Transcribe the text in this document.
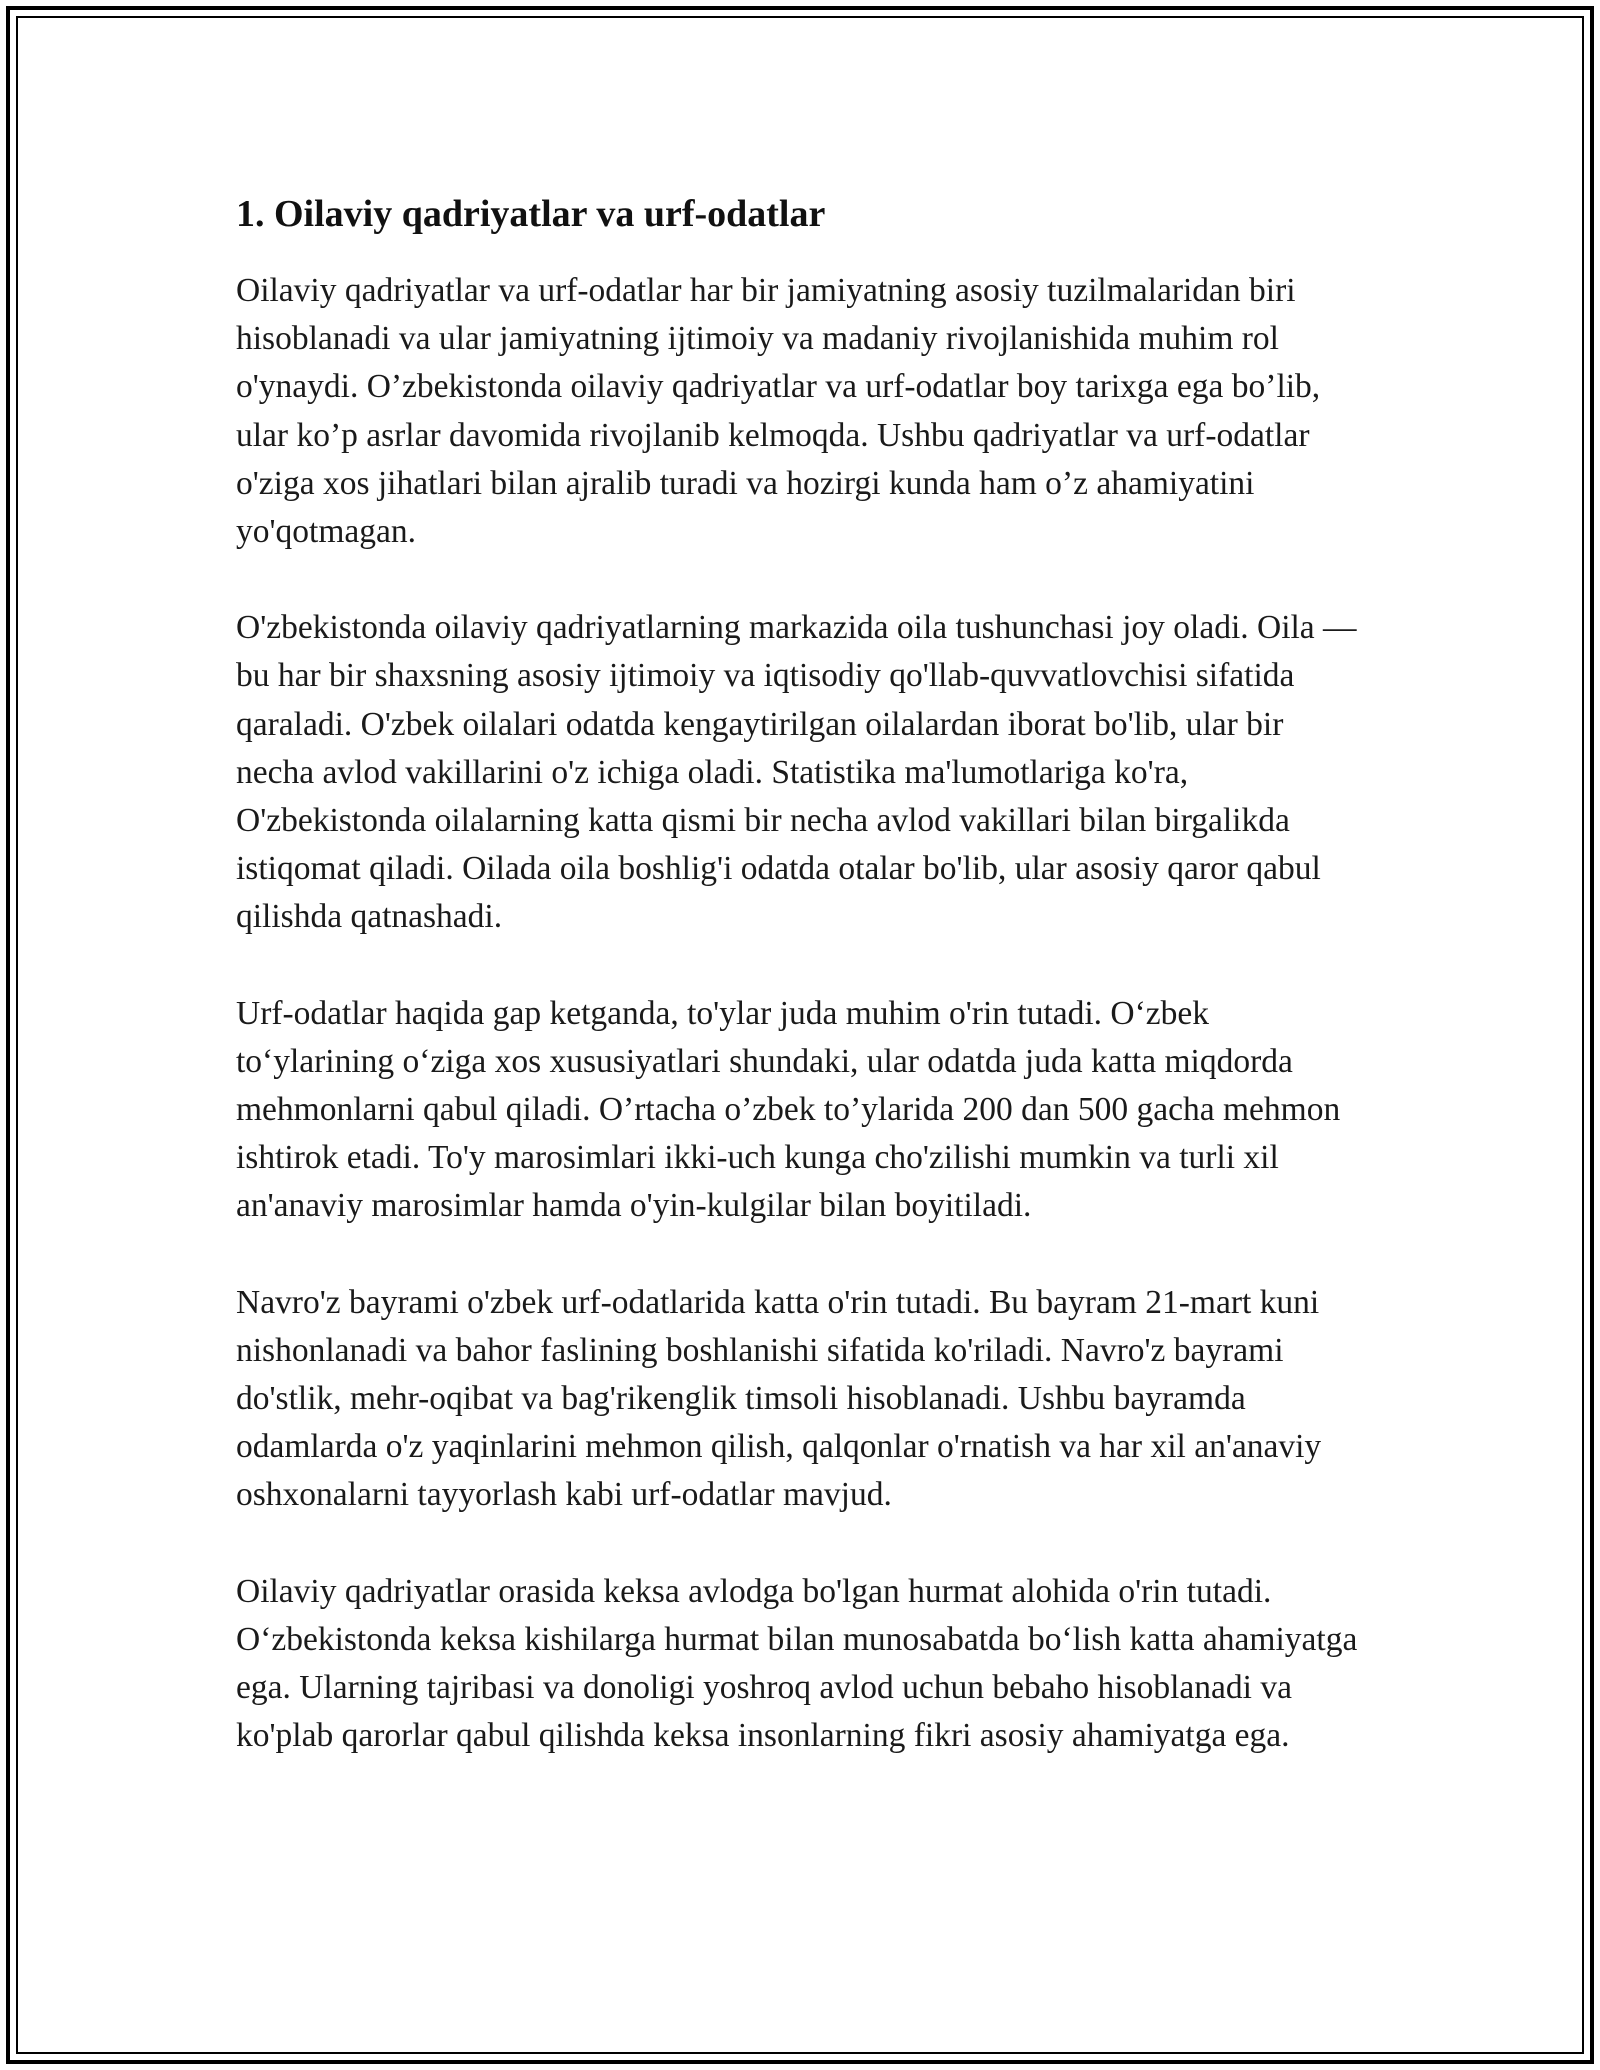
1. Oilaviy qadriyatlar va urf-odatlar

Oilaviy qadriyatlar va urf-odatlar har bir jamiyatning asosiy tuzilmalaridan biri hisoblanadi va ular jamiyatning ijtimoiy va madaniy rivojlanishida muhim rol o'ynaydi. O’zbekistonda oilaviy qadriyatlar va urf-odatlar boy tarixga ega bo’lib, ular ko’p asrlar davomida rivojlanib kelmoqda. Ushbu qadriyatlar va urf-odatlar o'ziga xos jihatlari bilan ajralib turadi va hozirgi kunda ham o’z ahamiyatini yo'qotmagan.

O'zbekistonda oilaviy qadriyatlarning markazida oila tushunchasi joy oladi. Oila — bu har bir shaxsning asosiy ijtimoiy va iqtisodiy qo'llab-quvvatlovchisi sifatida qaraladi. O'zbek oilalari odatda kengaytirilgan oilalardan iborat bo'lib, ular bir necha avlod vakillarini o'z ichiga oladi. Statistika ma'lumotlariga ko'ra, O'zbekistonda oilalarning katta qismi bir necha avlod vakillari bilan birgalikda istiqomat qiladi. Oilada oila boshlig'i odatda otalar bo'lib, ular asosiy qaror qabul qilishda qatnashadi.

Urf-odatlar haqida gap ketganda, to'ylar juda muhim o'rin tutadi. O‘zbek to‘ylarining o‘ziga xos xususiyatlari shundaki, ular odatda juda katta miqdorda mehmonlarni qabul qiladi. O’rtacha o’zbek to’ylarida 200 dan 500 gacha mehmon ishtirok etadi. To'y marosimlari ikki-uch kunga cho'zilishi mumkin va turli xil an'anaviy marosimlar hamda o'yin-kulgilar bilan boyitiladi.

Navro'z bayrami o'zbek urf-odatlarida katta o'rin tutadi. Bu bayram 21-mart kuni nishonlanadi va bahor faslining boshlanishi sifatida ko'riladi. Navro'z bayrami do'stlik, mehr-oqibat va bag'rikenglik timsoli hisoblanadi. Ushbu bayramda odamlarda o'z yaqinlarini mehmon qilish, qalqonlar o'rnatish va har xil an'anaviy oshxonalarni tayyorlash kabi urf-odatlar mavjud.

Oilaviy qadriyatlar orasida keksa avlodga bo'lgan hurmat alohida o'rin tutadi. O‘zbekistonda keksa kishilarga hurmat bilan munosabatda bo‘lish katta ahamiyatga ega. Ularning tajribasi va donoligi yoshroq avlod uchun bebaho hisoblanadi va ko'plab qarorlar qabul qilishda keksa insonlarning fikri asosiy ahamiyatga ega.
